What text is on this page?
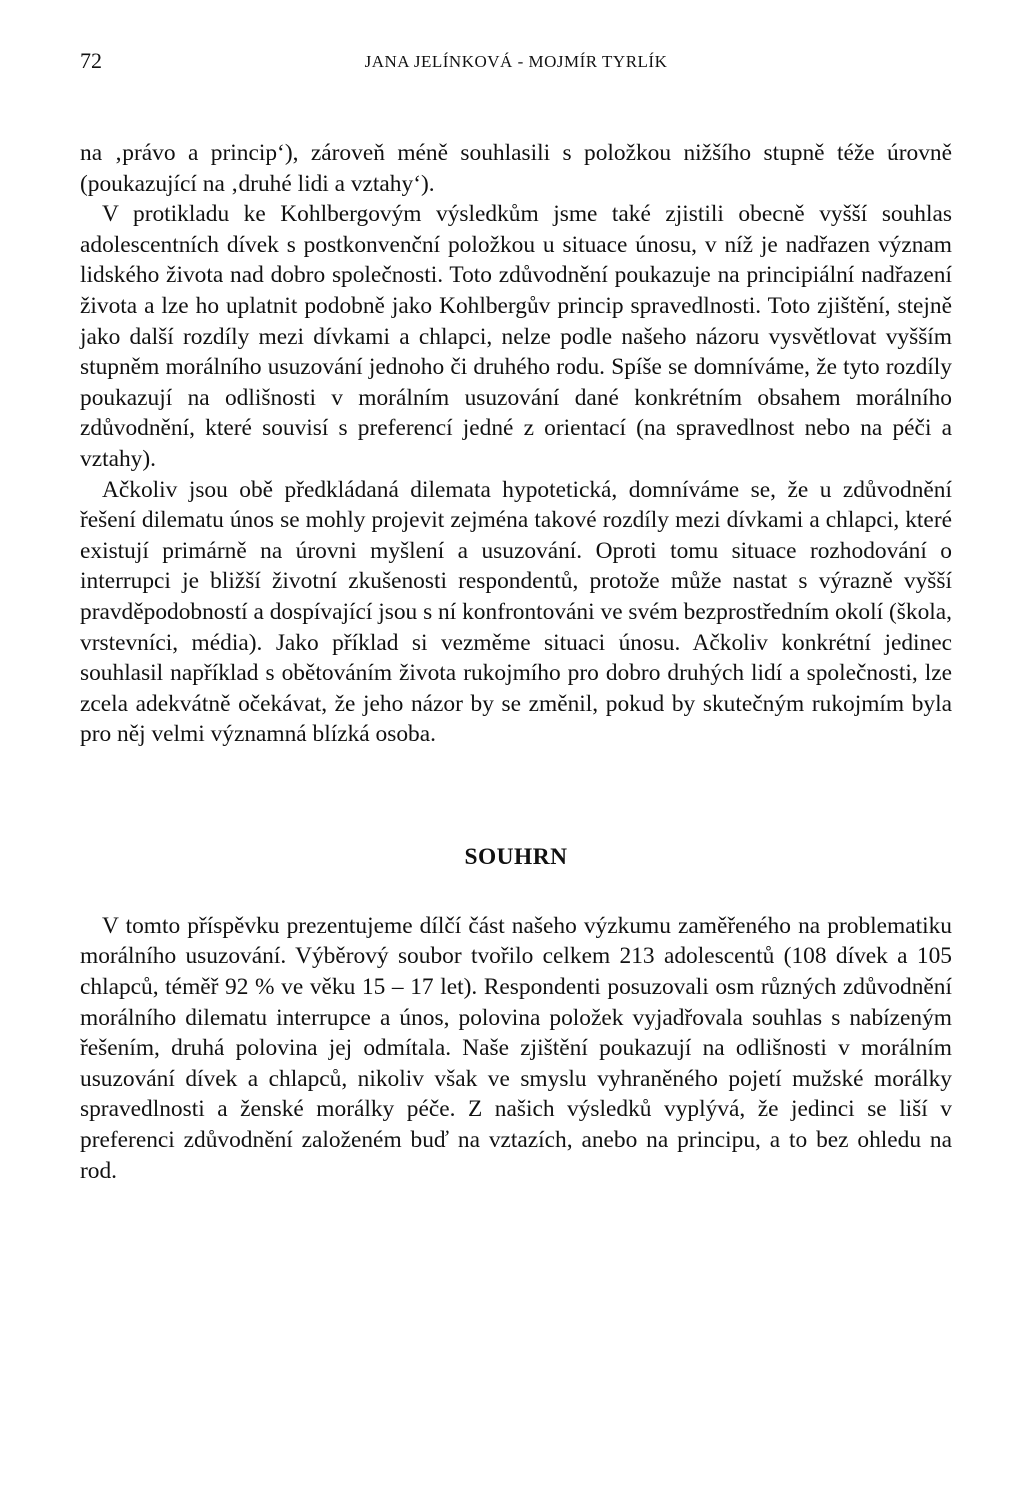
72	JANA JELÍNKOVÁ - MOJMÍR TYRLÍK

na ‚právo a princip‘), zároveň méně souhlasili s položkou nižšího stupně téže úrovně (poukazující na ‚druhé lidi a vztahy‘).

V protikladu ke Kohlbergovým výsledkům jsme také zjistili obecně vyšší souhlas adolescentních dívek s postkonvenční položkou u situace únosu, v níž je nadřazen význam lidského života nad dobro společnosti. Toto zdůvodnění poukazuje na principiální nadřazení života a lze ho uplatnit podobně jako Kohlbergův princip spravedlnosti. Toto zjištění, stejně jako další rozdíly mezi dívkami a chlapci, nelze podle našeho názoru vysvětlovat vyšším stupněm morálního usuzování jednoho či druhého rodu. Spíše se domníváme, že tyto rozdíly poukazují na odlišnosti v morálním usuzování dané konkrétním obsahem morálního zdůvodnění, které souvisí s preferencí jedné z orientací (na spravedlnost nebo na péči a vztahy).

Ačkoliv jsou obě předkládaná dilemata hypotetická, domníváme se, že u zdůvodnění řešení dilematu únos se mohly projevit zejména takové rozdíly mezi dívkami a chlapci, které existují primárně na úrovni myšlení a usuzování. Oproti tomu situace rozhodování o interrupci je bližší životní zkušenosti respondentů, protože může nastat s výrazně vyšší pravděpodobností a dospívající jsou s ní konfrontováni ve svém bezprostředním okolí (škola, vrstevníci, média). Jako příklad si vezměme situaci únosu. Ačkoliv konkrétní jedinec souhlasil například s obětováním života rukojmího pro dobro druhých lidí a společnosti, lze zcela adekvátně očekávat, že jeho názor by se změnil, pokud by skutečným rukojmím byla pro něj velmi významná blízká osoba.

SOUHRN

V tomto příspěvku prezentujeme dílčí část našeho výzkumu zaměřeného na problematiku morálního usuzování. Výběrový soubor tvořilo celkem 213 adolescentů (108 dívek a 105 chlapců, téměř 92 % ve věku 15 – 17 let). Respondenti posuzovali osm různých zdůvodnění morálního dilematu interrupce a únos, polovina položek vyjadřovala souhlas s nabízeným řešením, druhá polovina jej odmítala. Naše zjištění poukazují na odlišnosti v morálním usuzování dívek a chlapců, nikoliv však ve smyslu vyhraněného pojetí mužské morálky spravedlnosti a ženské morálky péče. Z našich výsledků vyplývá, že jedinci se liší v preferenci zdůvodnění založeném buď na vztazích, anebo na principu, a to bez ohledu na rod.
